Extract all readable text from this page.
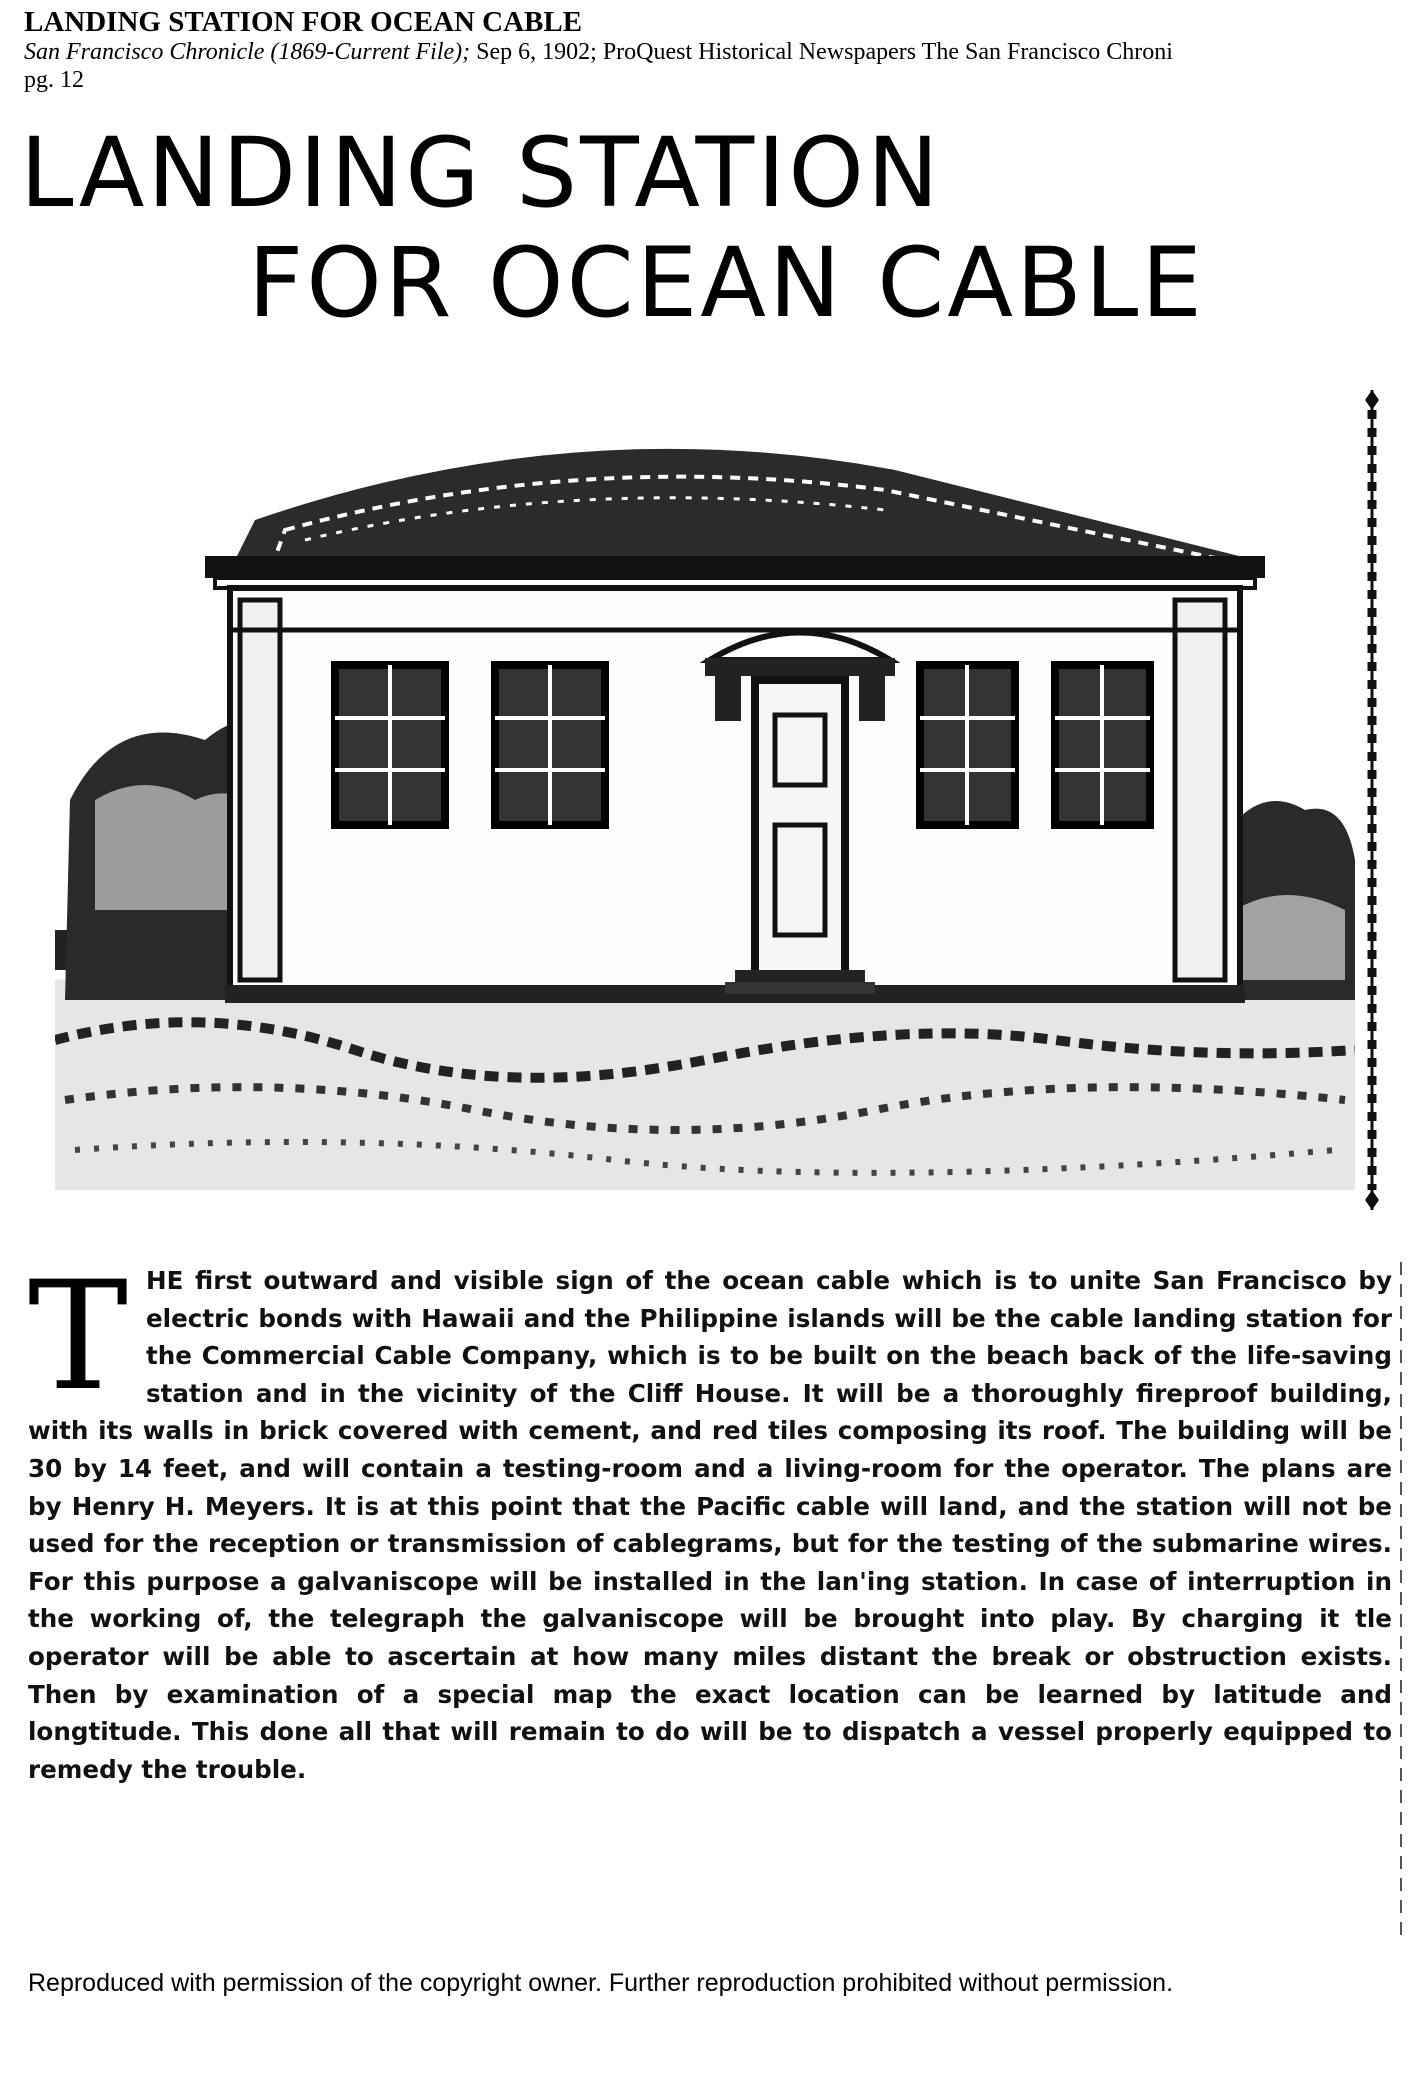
LANDING STATION FOR OCEAN CABLE
San Francisco Chronicle (1869-Current File); Sep 6, 1902; ProQuest Historical Newspapers The San Francisco Chroni
pg. 12
LANDING STATION
FOR OCEAN CABLE
T HE first outward and visible sign of the ocean cable which is to unite San Francisco by electric bonds with Hawaii and the Philippine islands will be the cable landing station for the Commercial Cable Company, which is to be built on the beach back of the life-saving station and in the vicinity of the Cliff House. It will be a thoroughly fireproof building, with its walls in brick covered with cement, and red tiles composing its roof. The building will be 30 by 14 feet, and will contain a testing-room and a living-room for the operator. The plans are by Henry H. Meyers. It is at this point that the Pacific cable will land, and the station will not be used for the reception or transmission of cablegrams, but for the testing of the submarine wires. For this purpose a galvaniscope will be installed in the lan'ing station. In case of interruption in the working of, the telegraph the galvaniscope will be brought into play. By charging it tle operator will be able to ascertain at how many miles distant the break or obstruction exists. Then by examination of a special map the exact location can be learned by latitude and longtitude. This done all that will remain to do will be to dispatch a vessel properly equipped to remedy the trouble.

Reproduced with permission of the copyright owner. Further reproduction prohibited without permission.
